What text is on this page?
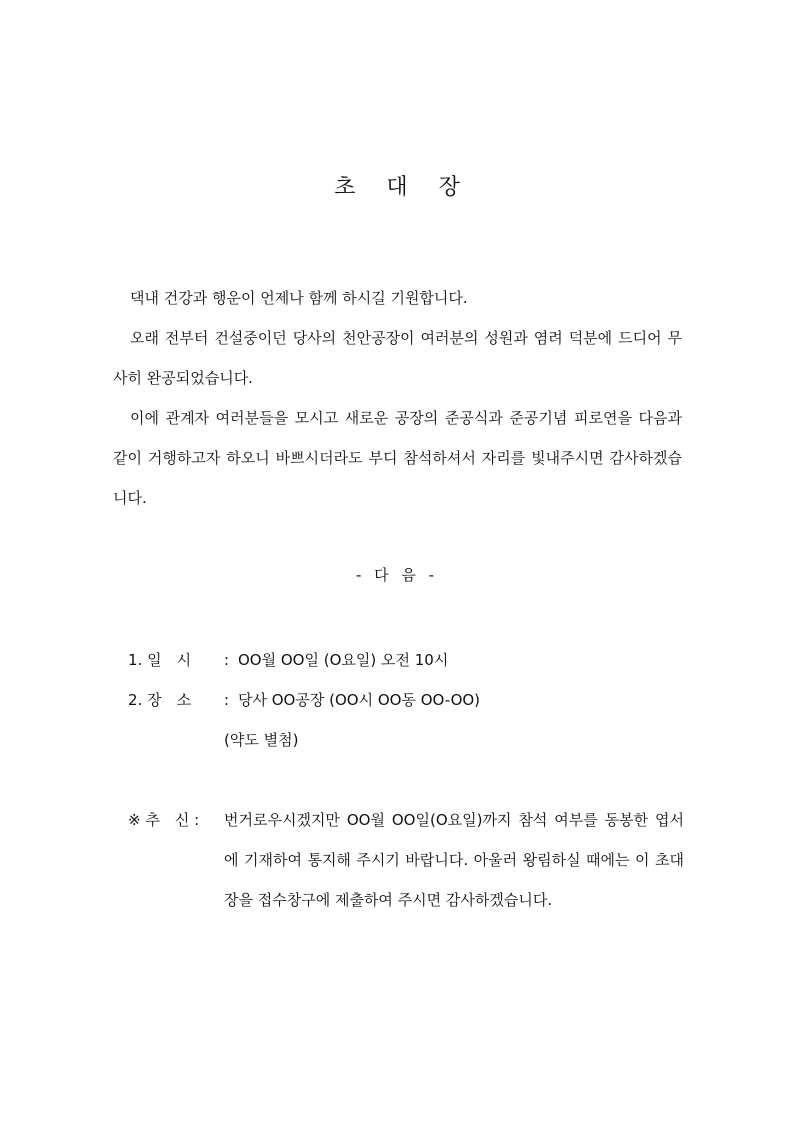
초 대 장

댁내 건강과 행운이 언제나 함께 하시길 기원합니다.

오래 전부터 건설중이던 당사의 천안공장이 여러분의 성원과 염려 덕분에 드디어 무사히 완공되었습니다.

이에 관계자 여러분들을 모시고 새로운 공장의 준공식과 준공기념 피로연을 다음과 같이 거행하고자 하오니 바쁘시더라도 부디 참석하셔서 자리를 빛내주시면 감사하겠습니다.

- 다 음 -
1. 일　시	: OO월 OO일 (O요일) 오전 10시
2. 장　소	: 당사 OO공장 (OO시 OO동 OO-OO)
(약도 별첨)
※ 추　신 :	번거로우시겠지만 OO월 OO일(O요일)까지 참석 여부를 동봉한 엽서에 기재하여 통지해 주시기 바랍니다. 아울러 왕림하실 때에는 이 초대장을 접수창구에 제출하여 주시면 감사하겠습니다.
